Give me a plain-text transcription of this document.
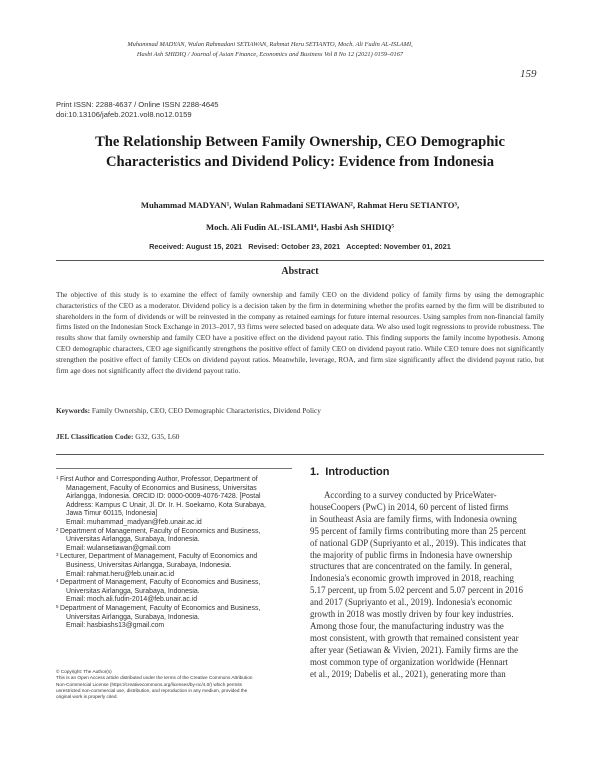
Muhammad MADYAN, Wulan Rahmadani SETIAWAN, Rahmat Heru SETIANTO, Moch. Ali Fudin AL-ISLAMI,
Hasbi Ash SHIDIQ / Journal of Asian Finance, Economics and Business Vol 8 No 12 (2021) 0159–0167
159
Print ISSN: 2288-4637 / Online ISSN 2288-4645
doi:10.13106/jafeb.2021.vol8.no12.0159
The Relationship Between Family Ownership, CEO Demographic
Characteristics and Dividend Policy: Evidence from Indonesia
Muhammad MADYAN¹, Wulan Rahmadani SETIAWAN², Rahmat Heru SETIANTO³,
Moch. Ali Fudin AL-ISLAMI⁴, Hasbi Ash SHIDIQ⁵
Received: August 15, 2021   Revised: October 23, 2021   Accepted: November 01, 2021
Abstract
The objective of this study is to examine the effect of family ownership and family CEO on the dividend policy of family firms by using the demographic characteristics of the CEO as a moderator. Dividend policy is a decision taken by the firm in determining whether the profits earned by the firm will be distributed to shareholders in the form of dividends or will be reinvested in the company as retained earnings for future internal resources. Using samples from non-financial family firms listed on the Indonesian Stock Exchange in 2013–2017, 93 firms were selected based on adequate data. We also used logit regressions to provide robustness. The results show that family ownership and family CEO have a positive effect on the dividend payout ratio. This finding supports the family income hypothesis. Among CEO demographic characters, CEO age significantly strengthens the positive effect of family CEO on dividend payout ratio. While CEO tenure does not significantly strengthen the positive effect of family CEOs on dividend payout ratios. Meanwhile, leverage, ROA, and firm size significantly affect the dividend payout ratio, but firm age does not significantly affect the dividend payout ratio.
Keywords: Family Ownership, CEO, CEO Demographic Characteristics, Dividend Policy
JEL Classification Code: G32, G35, L60
1 First Author and Corresponding Author, Professor, Department of
Management, Faculty of Economics and Business, Universitas
Airlangga, Indonesia. ORCID ID: 0000-0009-4076-7428. [Postal
Address: Kampus C Unair, Jl. Dr. Ir. H. Soekarno, Kota Surabaya,
Jawa Timur 60115, Indonesia]
Email: muhammad_madyan@feb.unair.ac.id
2 Department of Management, Faculty of Economics and Business,
Universitas Airlangga, Surabaya, Indonesia.
Email: wulansetiawan@gmail.com
3 Lecturer, Department of Management, Faculty of Economics and
Business, Universitas Airlangga, Surabaya, Indonesia.
Email: rahmat.heru@feb.unair.ac.id
4 Department of Management, Faculty of Economics and Business,
Universitas Airlangga, Surabaya, Indonesia.
Email: moch.ali.fudin-2014@feb.unair.ac.id
5 Department of Management, Faculty of Economics and Business,
Universitas Airlangga, Surabaya, Indonesia.
Email: hasbiashs13@gmail.com
© Copyright: The Author(s)
This is an Open Access article distributed under the terms of the Creative Commons Attribution
Non-Commercial License (https://creativecommons.org/licenses/by-nc/4.0/) which permits
unrestricted non-commercial use, distribution, and reproduction in any medium, provided the
original work is properly cited.
1.  Introduction
According to a survey conducted by PriceWater-
houseCoopers (PwC) in 2014, 60 percent of listed firms
in Southeast Asia are family firms, with Indonesia owning
95 percent of family firms contributing more than 25 percent
of national GDP (Supriyanto et al., 2019). This indicates that
the majority of public firms in Indonesia have ownership
structures that are concentrated on the family. In general,
Indonesia's economic growth improved in 2018, reaching
5.17 percent, up from 5.02 percent and 5.07 percent in 2016
and 2017 (Supriyanto et al., 2019). Indonesia's economic
growth in 2018 was mostly driven by four key industries.
Among those four, the manufacturing industry was the
most consistent, with growth that remained consistent year
after year (Setiawan & Vivien, 2021). Family firms are the
most common type of organization worldwide (Hennart
et al., 2019; Dabelis et al., 2021), generating more than
